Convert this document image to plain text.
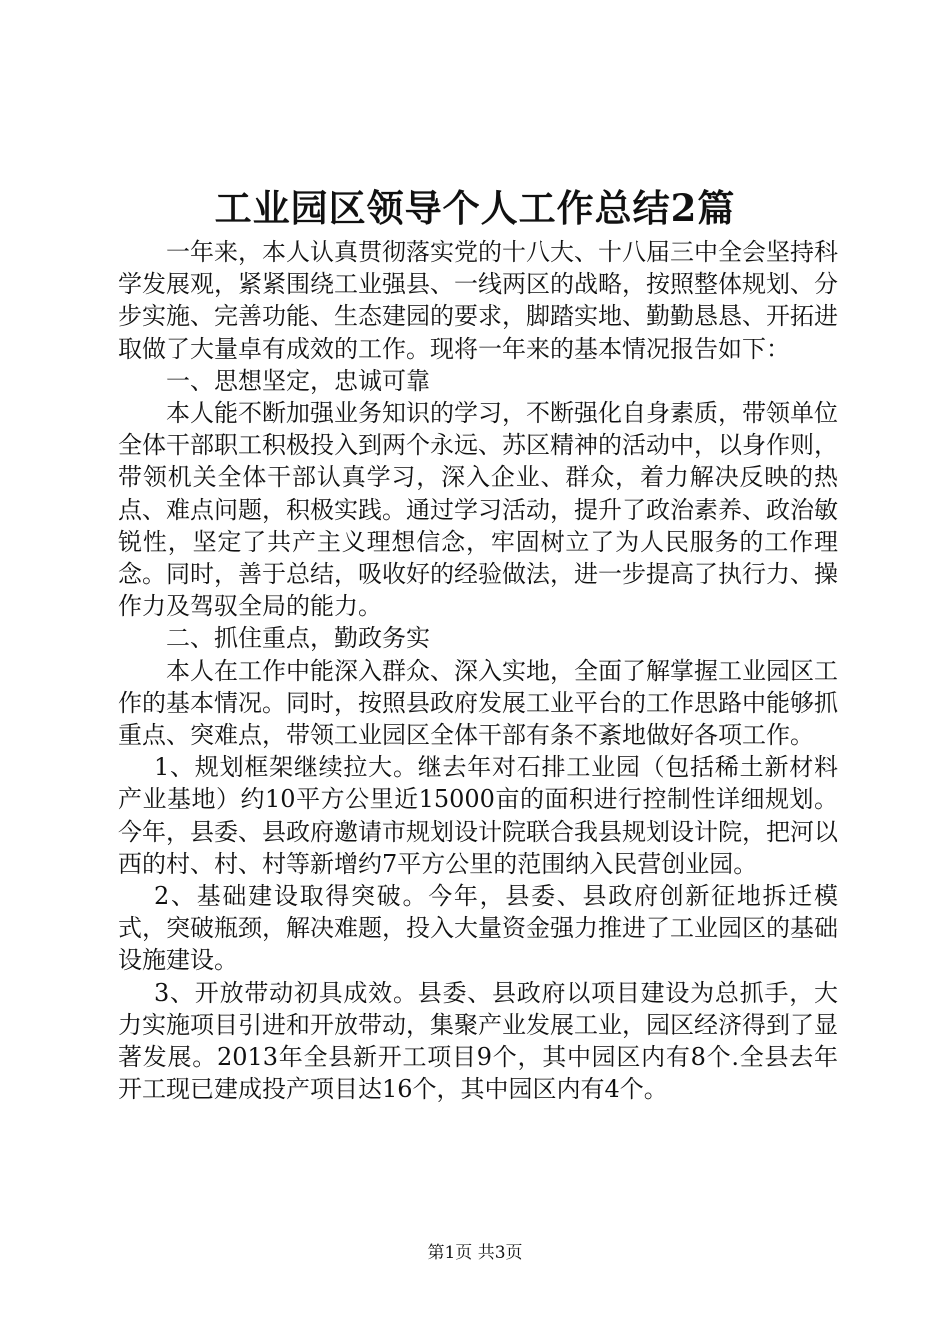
工业园区领导个人工作总结2篇

一年来，本人认真贯彻落实党的十八大、十八届三中全会坚持科学发展观，紧紧围绕工业强县、一线两区的战略，按照整体规划、分步实施、完善功能、生态建园的要求，脚踏实地、勤勤恳恳、开拓进取做了大量卓有成效的工作。现将一年来的基本情况报告如下：

一、思想坚定，忠诚可靠

本人能不断加强业务知识的学习，不断强化自身素质，带领单位全体干部职工积极投入到两个永远、苏区精神的活动中，以身作则，带领机关全体干部认真学习，深入企业、群众，着力解决反映的热点、难点问题，积极实践。通过学习活动，提升了政治素养、政治敏锐性，坚定了共产主义理想信念，牢固树立了为人民服务的工作理念。同时，善于总结，吸收好的经验做法，进一步提高了执行力、操作力及驾驭全局的能力。

二、抓住重点，勤政务实

本人在工作中能深入群众、深入实地，全面了解掌握工业园区工作的基本情况。同时，按照县政府发展工业平台的工作思路中能够抓重点、突难点，带领工业园区全体干部有条不紊地做好各项工作。

1、规划框架继续拉大。继去年对石排工业园（包括稀土新材料产业基地）约10平方公里近15000亩的面积进行控制性详细规划。今年，县委、县政府邀请市规划设计院联合我县规划设计院，把河以西的村、村、村等新增约7平方公里的范围纳入民营创业园。

2、基础建设取得突破。今年，县委、县政府创新征地拆迁模式，突破瓶颈，解决难题，投入大量资金强力推进了工业园区的基础设施建设。

3、开放带动初具成效。县委、县政府以项目建设为总抓手，大力实施项目引进和开放带动，集聚产业发展工业，园区经济得到了显著发展。2013年全县新开工项目9个，其中园区内有8个.全县去年开工现已建成投产项目达16个，其中园区内有4个。

第1页 共3页
